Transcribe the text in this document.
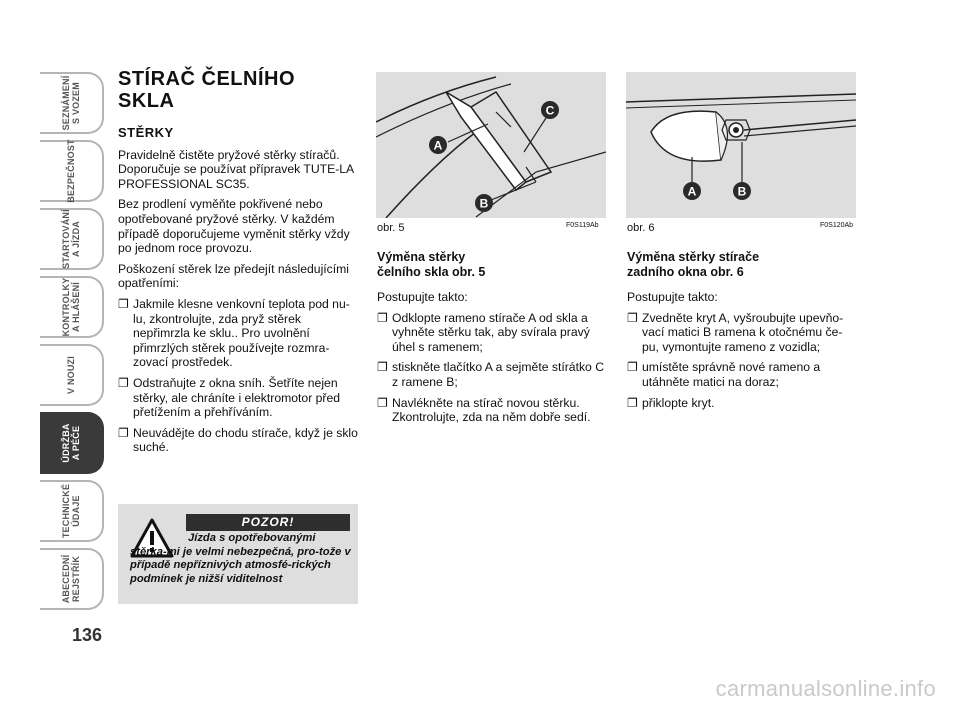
SEZNÁMENÍ
S VOZEM
BEZPEČNOST
STARTOVÁNÍ
A JÍZDA
KONTROLKY
A HLÁŠENÍ
V NOUZI
ÚDRŽBA
A PÉČE
TECHNICKÉ
ÚDAJE
ABECEDNÍ
REJSTŘÍK
136
STÍRAČ ČELNÍHO
SKLA
STĚRKY

Pravidelně čistěte pryžové stěrky stíračů. Doporučuje se používat přípravek TUTE-LA PROFESSIONAL SC35.

Bez prodlení vyměňte pokřivené nebo opotřebované pryžové stěrky. V každém případě doporučujeme vyměnit stěrky vždy po jednom roce provozu.

Poškození stěrek lze předejít následujícími opatřeními:

❐ Jakmile klesne venkovní teplota pod nu-lu, zkontrolujte, zda pryž stěrek nepřimrzla ke sklu.. Pro uvolnění přimrzlých stěrek používejte rozmra-zovací prostředek.
❐ Odstraňujte z okna sníh. Šetříte nejen stěrky, ale chráníte i elektromotor před přetížením a přehříváním.
❐ Neuvádějte do chodu stírače, když je sklo suché.
POZOR!
Jízda s opotřebovanými stěrka-mi je velmi nebezpečná, pro-tože v případě nepříznivých atmosfé-rických podmínek je nižší viditelnost
A
B
C
obr. 5	F0S119Ab
A	B
obr. 6	F0S120Ab
Výměna stěrky
čelního skla obr. 5

Postupujte takto:

❐ Odklopte rameno stírače A od skla a vyhněte stěrku tak, aby svírala pravý úhel s ramenem;
❐ stiskněte tlačítko A a sejměte stírátko C z ramene B;
❐ Navlékněte na stírač novou stěrku. Zkontrolujte, zda na něm dobře sedí.
Výměna stěrky stírače
zadního okna obr. 6

Postupujte takto:

❐ Zvedněte kryt A, vyšroubujte upevňo-vací matici B ramena k otočnému če-pu, vymontujte rameno z vozidla;
❐ umístěte správně nové rameno a utáhněte matici na doraz;
❐ přiklopte kryt.
carmanualsonline.info
